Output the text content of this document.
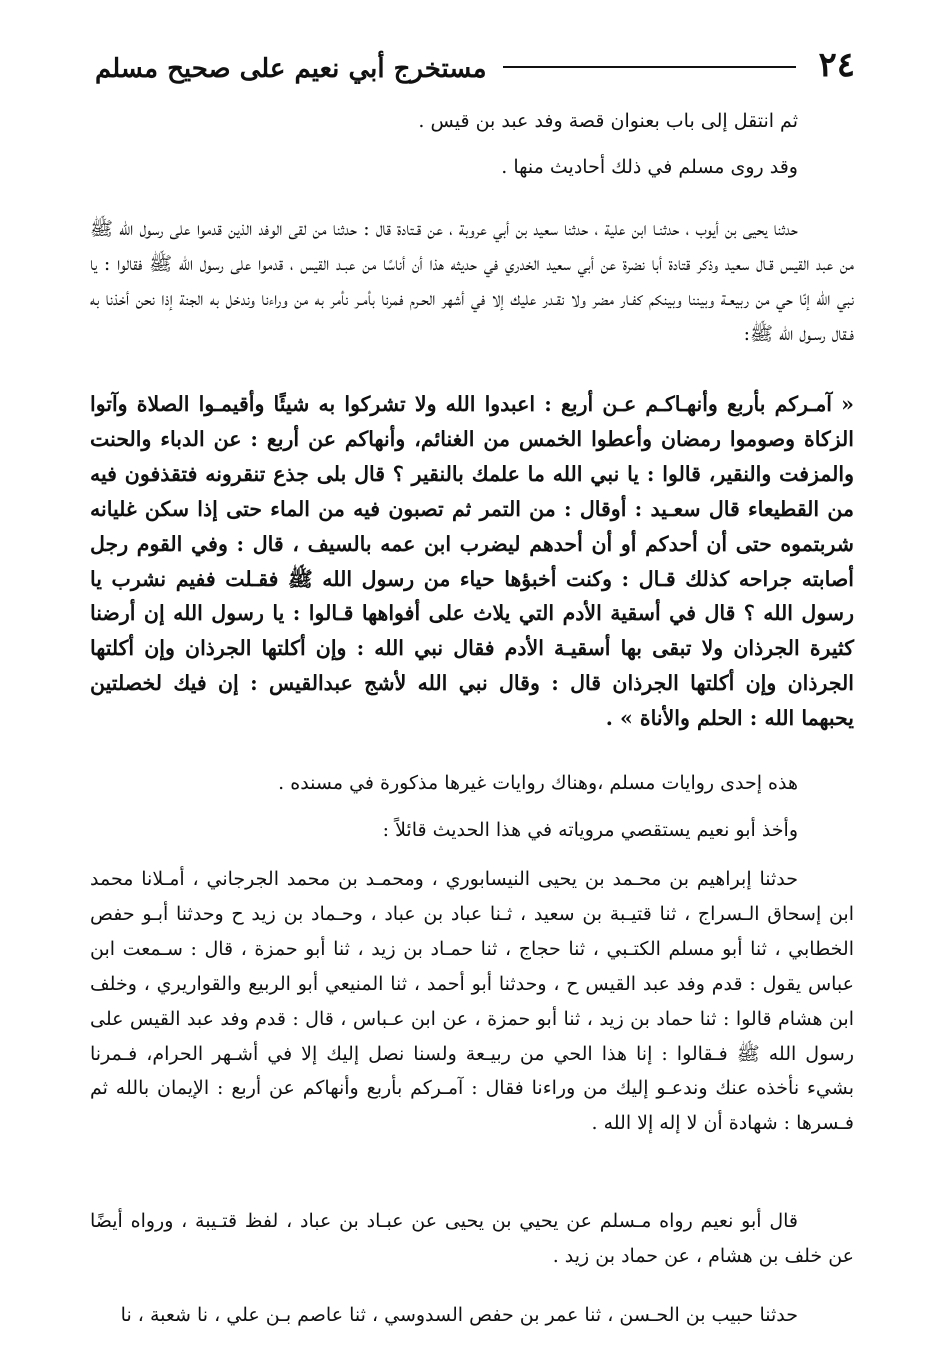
٢٤
مستخرج أبي نعيم على صحيح مسلم
ثم انتقل إلى باب بعنوان قصة وفد عبد بن قيس .
وقد روى مسلم في ذلك أحاديث منها .
حدثنا يحيى بن أيوب ، حدثنـا ابن علية ، حدثنا سعيد بن أبي عروبة ، عن قـتادة قال : حدثنا من لقى الوفد الذين قدموا على رسول الله ﷺ من عبد القيس قـال سعيد وذكر قتادة أبا نضرة عن أبي سعيد الخدري في حديثه هذا أن أناسًا من عبـد القيس ، قدموا على رسول الله ﷺ فقالوا : يا نبي الله إنّا حي من ربيعـة وبيننا وبينكم كفـار مضر ولا نقـدر عليك إلا في أشهر الحـرم فمرنا بأمـر نأمر به من وراءنا وندخل به الجنة إذا نحن أخذنا به فـقال رسـول الله ﷺ:
« آمـركم بأربع وأنهـاكـم عـن أربع : اعبدوا الله ولا تشركوا به شيئًا وأقيمـوا الصلاة وآتوا الزكاة وصوموا رمضان وأعطوا الخمس من الغنائم، وأنهاكم عن أربع : عن الدباء والحنت والمزفت والنقير، قالوا : يا نبي الله ما علمك بالنقير ؟ قال بلى جذع تنقرونه فتقذفون فيه من القطيعاء قال سعـيد : أوقال : من التمر ثم تصبون فيه من الماء حتى إذا سكن غليانه شربتموه حتى أن أحدكم أو أن أحدهم ليضرب ابن عمه بالسيف ، قال : وفي القوم رجل أصابته جراحه كذلك قـال : وكنت أخبؤها حياء من رسول الله ﷺ فقـلت ففيم نشرب يا رسول الله ؟ قال في أسقية الأدم التي يلاث على أفواهها قـالوا : يا رسول الله إن أرضنا كثيرة الجرذان ولا تبقى بها أسقيـة الأدم فقال نبي الله : وإن أكلتها الجرذان وإن أكلتها الجرذان وإن أكلتها الجرذان قال : وقال نبي الله لأشج عبدالقيس : إن فيك لخصلتين يحبهما الله : الحلم والأناة » .
هذه إحدى روايات مسلم ،وهناك روايات غيرها مذكورة في مسنده .
وأخذ أبو نعيم يستقصي مروياته في هذا الحديث قائلاً :
حدثنا إبراهيم بن محـمد بن يحيى النيسابوري ، ومحمـد بن محمد الجرجاني ، أمـلانا محمد ابن إسحاق الـسراج ، ثنا قتيـبة بن سعيد ، ثـنا عباد بن عباد ، وحـماد بن زيد ح وحدثنا أبـو حفص الخطابي ، ثنا أبو مسلم الكتـبي ، ثنا حجاج ، ثنا حمـاد بن زيد ، ثنا أبو حمزة ، قال : سـمعت ابن عباس يقول : قدم وفد عبد القيس ح ، وحدثنا أبو أحمد ، ثنا المنيعي أبو الربيع والقواريري ، وخلف ابن هشام قالوا : ثنا حماد بن زيد ، ثنا أبو حمزة ، عن ابن عـباس ، قال : قدم وفد عبد القيس على رسول الله ﷺ فـقالوا : إنا هذا الحي من ربيـعة ولسنا نصل إليك إلا في أشـهر الحرام، فـمرنا بشيء نأخذه عنك وندعـو إليك من وراءنا فقال : آمـركم بأربع وأنهاكم عن أربع : الإيمان بالله ثم فـسرها : شهادة أن لا إله إلا الله .
قال أبو نعيم رواه مـسلم عن يحيي بن يحيى عن عبـاد بن عباد ، لفظ قتـيبة ، ورواه أيضًا عن خلف بن هشام ، عن حماد بن زيد .
حدثنا حبيب بن الحـسن ، ثنا عمر بن حفص السدوسي ، ثنا عاصم بـن علي ، نا شعبة ، نا
